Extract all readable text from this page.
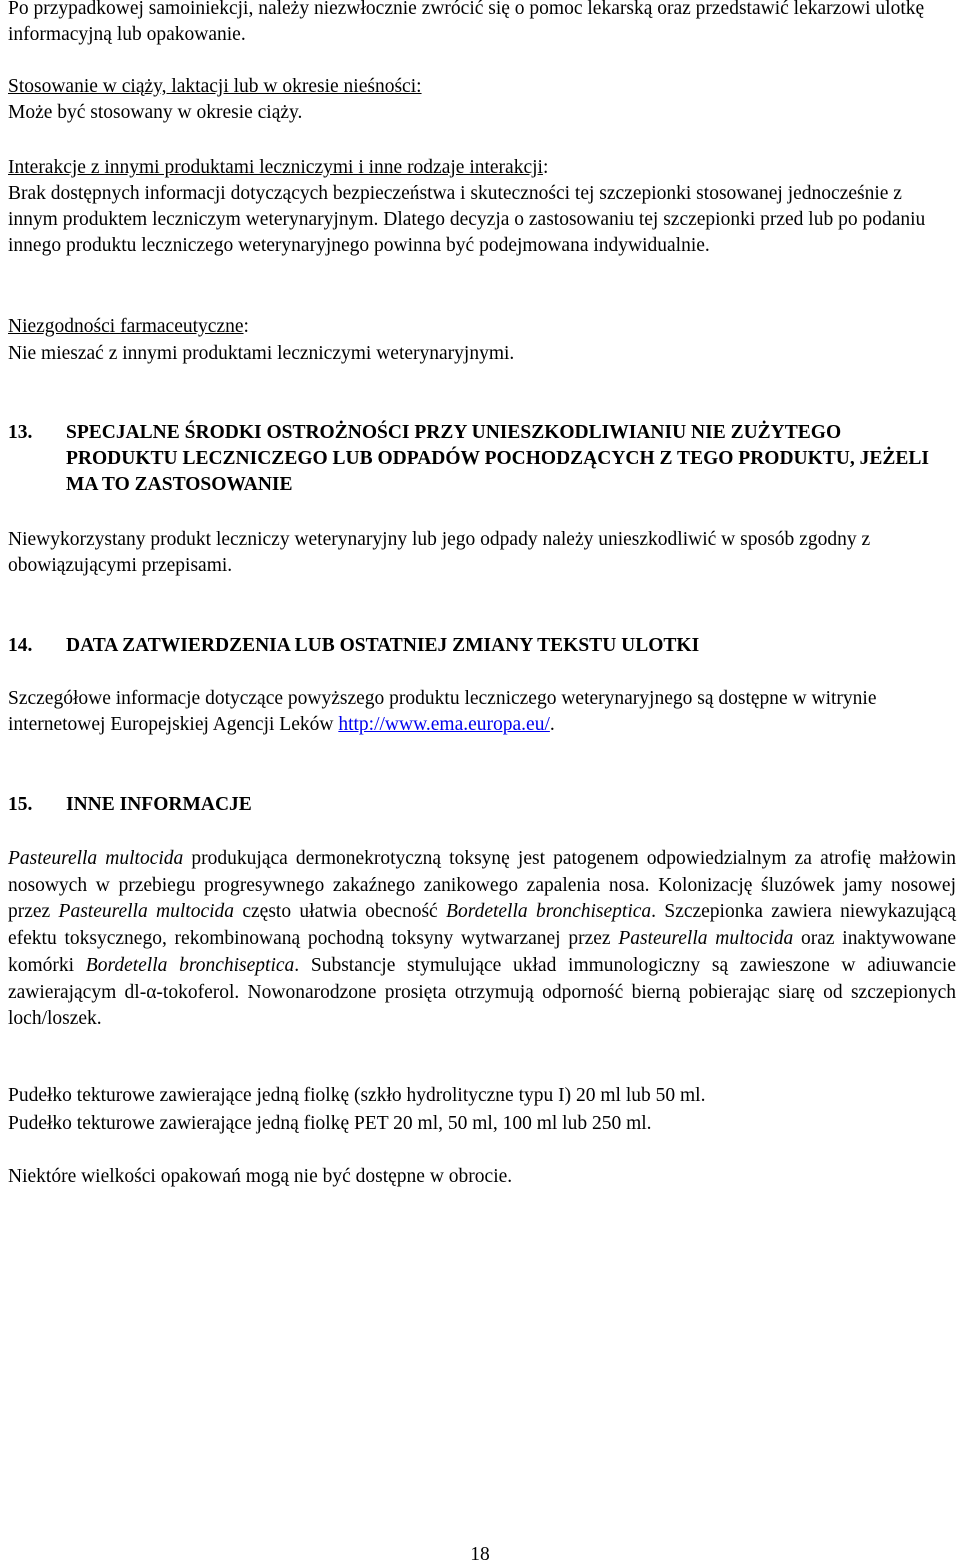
Po przypadkowej samoiniekcji, należy niezwłocznie zwrócić się o pomoc lekarską oraz przedstawić lekarzowi ulotkę informacyjną lub opakowanie.

Stosowanie w ciąży, laktacji lub w okresie nieśności:

Może być stosowany w okresie ciąży.

Interakcje z innymi produktami leczniczymi i inne rodzaje interakcji:

Brak dostępnych informacji dotyczących bezpieczeństwa i skuteczności tej szczepionki stosowanej jednocześnie z innym produktem leczniczym weterynaryjnym. Dlatego decyzja o zastosowaniu tej szczepionki przed lub po podaniu innego produktu leczniczego weterynaryjnego powinna być podejmowana indywidualnie.

Niezgodności farmaceutyczne:

Nie mieszać z innymi produktami leczniczymi weterynaryjnymi.

13.	SPECJALNE ŚRODKI OSTROŻNOŚCI PRZY UNIESZKODLIWIANIU NIE ZUŻYTEGO PRODUKTU LECZNICZEGO LUB ODPADÓW POCHODZĄCYCH Z TEGO PRODUKTU, JEŻELI MA TO ZASTOSOWANIE

Niewykorzystany produkt leczniczy weterynaryjny lub jego odpady należy unieszkodliwić w sposób zgodny z obowiązującymi przepisami.

14.	DATA ZATWIERDZENIA LUB OSTATNIEJ ZMIANY TEKSTU ULOTKI

Szczegółowe informacje dotyczące powyższego produktu leczniczego weterynaryjnego są dostępne w witrynie internetowej Europejskiej Agencji Leków http://www.ema.europa.eu/.

15.	INNE INFORMACJE

Pasteurella multocida produkująca dermonekrotyczną toksynę jest patogenem odpowiedzialnym za atrofię małżowin nosowych w przebiegu progresywnego zakaźnego zanikowego zapalenia nosa. Kolonizację śluzówek jamy nosowej przez Pasteurella multocida często ułatwia obecność Bordetella bronchiseptica. Szczepionka zawiera niewykazującą efektu toksycznego, rekombinowaną pochodną toksyny wytwarzanej przez Pasteurella multocida oraz inaktywowane komórki Bordetella bronchiseptica. Substancje stymulujące układ immunologiczny są zawieszone w adiuwancie zawierającym dl-α-tokoferol. Nowonarodzone prosięta otrzymują odporność bierną pobierając siarę od szczepionych loch/loszek.

Pudełko tekturowe zawierające jedną fiolkę (szkło hydrolityczne typu I) 20 ml lub 50 ml.

Pudełko tekturowe zawierające jedną fiolkę PET 20 ml, 50 ml, 100 ml lub 250 ml.

Niektóre wielkości opakowań mogą nie być dostępne w obrocie.

18
